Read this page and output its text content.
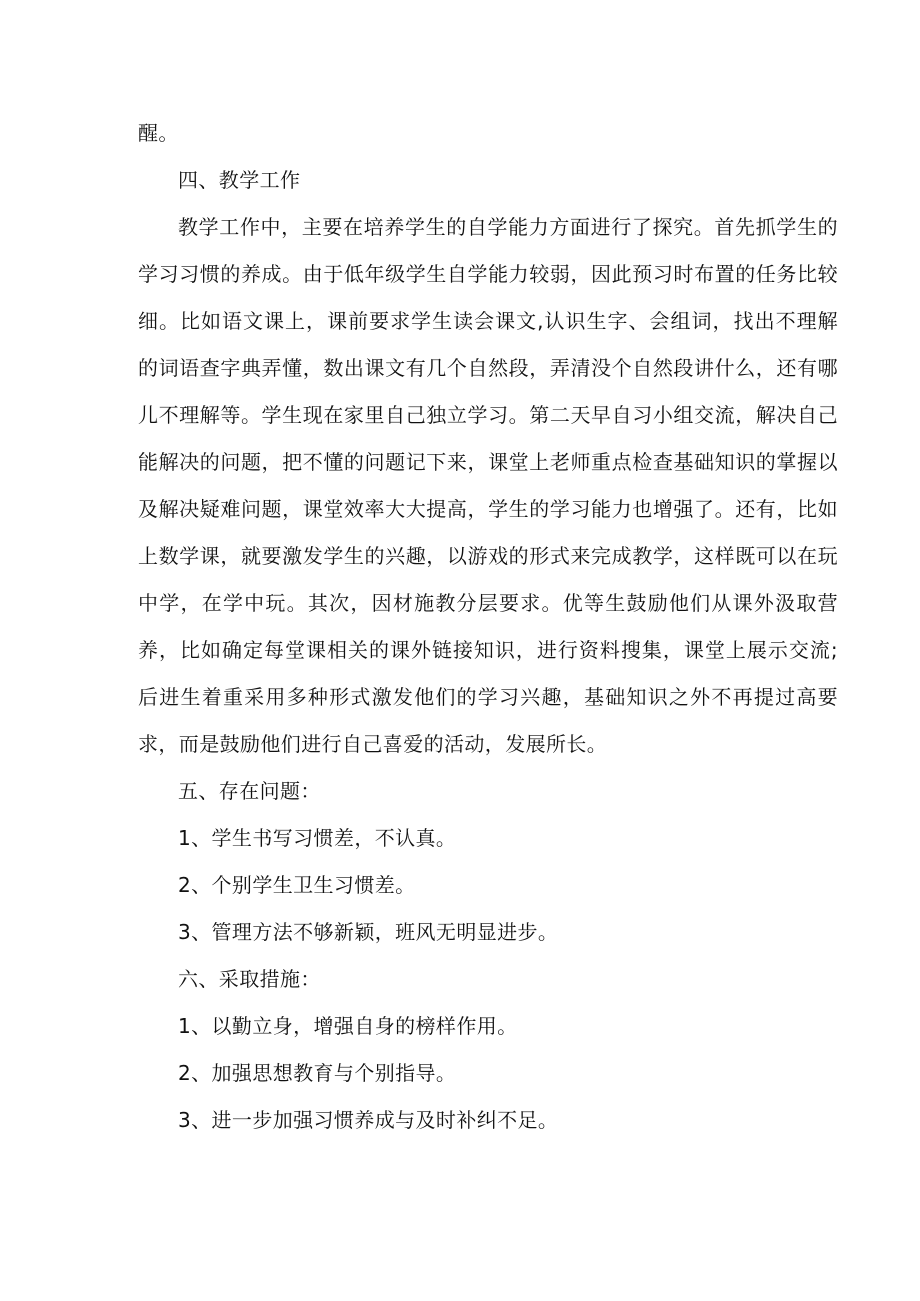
醒。

四、教学工作

教学工作中，主要在培养学生的自学能力方面进行了探究。首先抓学生的学习习惯的养成。由于低年级学生自学能力较弱，因此预习时布置的任务比较细。比如语文课上，课前要求学生读会课文,认识生字、会组词，找出不理解的词语查字典弄懂，数出课文有几个自然段，弄清没个自然段讲什么，还有哪儿不理解等。学生现在家里自己独立学习。第二天早自习小组交流，解决自己能解决的问题，把不懂的问题记下来，课堂上老师重点检查基础知识的掌握以及解决疑难问题，课堂效率大大提高，学生的学习能力也增强了。还有，比如上数学课，就要激发学生的兴趣，以游戏的形式来完成教学，这样既可以在玩中学，在学中玩。其次，因材施教分层要求。优等生鼓励他们从课外汲取营养，比如确定每堂课相关的课外链接知识，进行资料搜集，课堂上展示交流;后进生着重采用多种形式激发他们的学习兴趣，基础知识之外不再提过高要求，而是鼓励他们进行自己喜爱的活动，发展所长。

五、存在问题：

1、学生书写习惯差，不认真。

2、个别学生卫生习惯差。

3、管理方法不够新颖，班风无明显进步。

六、采取措施：

1、以勤立身，增强自身的榜样作用。

2、加强思想教育与个别指导。

3、进一步加强习惯养成与及时补纠不足。
